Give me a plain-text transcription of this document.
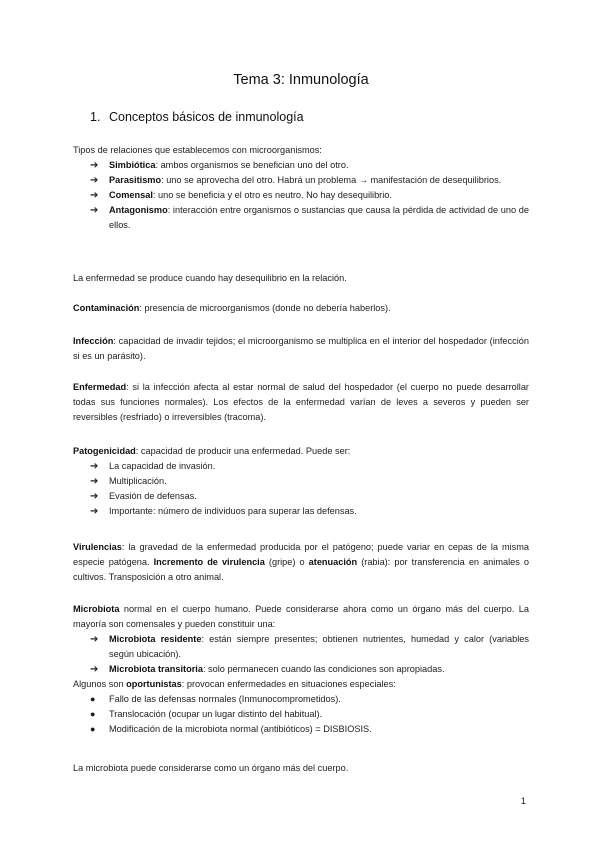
Tema 3: Inmunología
1. Conceptos básicos de inmunología

Tipos de relaciones que establecemos con microorganismos:

➔ Simbiótica: ambos organismos se benefician uno del otro.
➔ Parasitismo: uno se aprovecha del otro. Habrá un problema → manifestación de desequilibrios.
➔ Comensal: uno se beneficia y el otro es neutro. No hay desequilibrio.
➔ Antagonismo: interacción entre organismos o sustancias que causa la pérdida de actividad de uno de ellos.

La enfermedad se produce cuando hay desequilibrio en la relación.

Contaminación: presencia de microorganismos (donde no debería haberlos).

Infección: capacidad de invadir tejidos; el microorganismo se multiplica en el interior del hospedador (infección si es un parásito).

Enfermedad: si la infección afecta al estar normal de salud del hospedador (el cuerpo no puede desarrollar todas sus funciones normales). Los efectos de la enfermedad varían de leves a severos y pueden ser reversibles (resfriado) o irreversibles (tracoma).

Patogenicidad: capacidad de producir una enfermedad. Puede ser:

➔ La capacidad de invasión.
➔ Multiplicación.
➔ Evasión de defensas.
➔ Importante: número de individuos para superar las defensas.

Virulencias: la gravedad de la enfermedad producida por el patógeno; puede variar en cepas de la misma especie patógena. Incremento de virulencia (gripe) o atenuación (rabia): por transferencia en animales o cultivos. Transposición a otro animal.

Microbiota normal en el cuerpo humano. Puede considerarse ahora como un órgano más del cuerpo. La mayoría son comensales y pueden constituir una:

➔ Microbiota residente: están siempre presentes; obtienen nutrientes, humedad y calor (variables según ubicación).
➔ Microbiota transitoria: solo permanecen cuando las condiciones son apropiadas.

Algunos son oportunistas: provocan enfermedades en situaciones especiales:

● Fallo de las defensas normales (Inmunocomprometidos).
● Translocación (ocupar un lugar distinto del habitual).
● Modificación de la microbiota normal (antibióticos) = DISBIOSIS.

La microbiota puede considerarse como un órgano más del cuerpo.

1
